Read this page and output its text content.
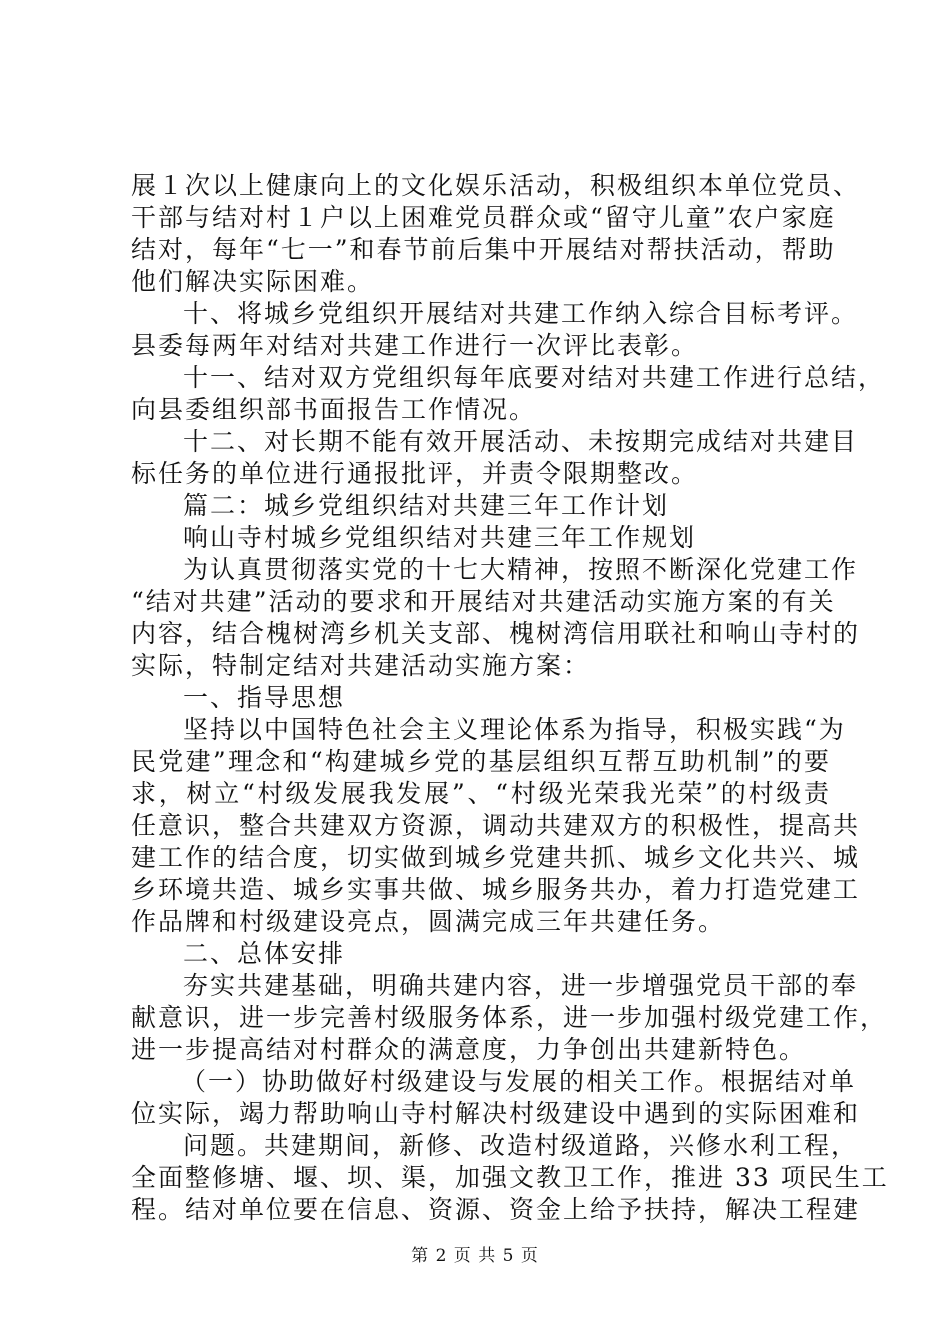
展１次以上健康向上的文化娱乐活动，积极组织本单位党员、
干部与结对村１户以上困难党员群众或“留守儿童”农户家庭
结对，每年“七一”和春节前后集中开展结对帮扶活动，帮助
他们解决实际困难。
十、将城乡党组织开展结对共建工作纳入综合目标考评。
县委每两年对结对共建工作进行一次评比表彰。
十一、结对双方党组织每年底要对结对共建工作进行总结，
向县委组织部书面报告工作情况。
十二、对长期不能有效开展活动、未按期完成结对共建目
标任务的单位进行通报批评，并责令限期整改。
篇二：城乡党组织结对共建三年工作计划
响山寺村城乡党组织结对共建三年工作规划
为认真贯彻落实党的十七大精神，按照不断深化党建工作
“结对共建”活动的要求和开展结对共建活动实施方案的有关
内容，结合槐树湾乡机关支部、槐树湾信用联社和响山寺村的
实际，特制定结对共建活动实施方案：
一、指导思想
坚持以中国特色社会主义理论体系为指导，积极实践“为
民党建”理念和“构建城乡党的基层组织互帮互助机制”的要
求，树立“村级发展我发展”、“村级光荣我光荣”的村级责
任意识，整合共建双方资源，调动共建双方的积极性，提高共
建工作的结合度，切实做到城乡党建共抓、城乡文化共兴、城
乡环境共造、城乡实事共做、城乡服务共办，着力打造党建工
作品牌和村级建设亮点，圆满完成三年共建任务。
二、总体安排
夯实共建基础，明确共建内容，进一步增强党员干部的奉
献意识，进一步完善村级服务体系，进一步加强村级党建工作，
进一步提高结对村群众的满意度，力争创出共建新特色。
（一）协助做好村级建设与发展的相关工作。根据结对单
位实际，竭力帮助响山寺村解决村级建设中遇到的实际困难和
问题。共建期间，新修、改造村级道路，兴修水利工程，
全面整修塘、堰、坝、渠，加强文教卫工作，推进 33 项民生工
程。结对单位要在信息、资源、资金上给予扶持，解决工程建
第 2 页 共 5 页
